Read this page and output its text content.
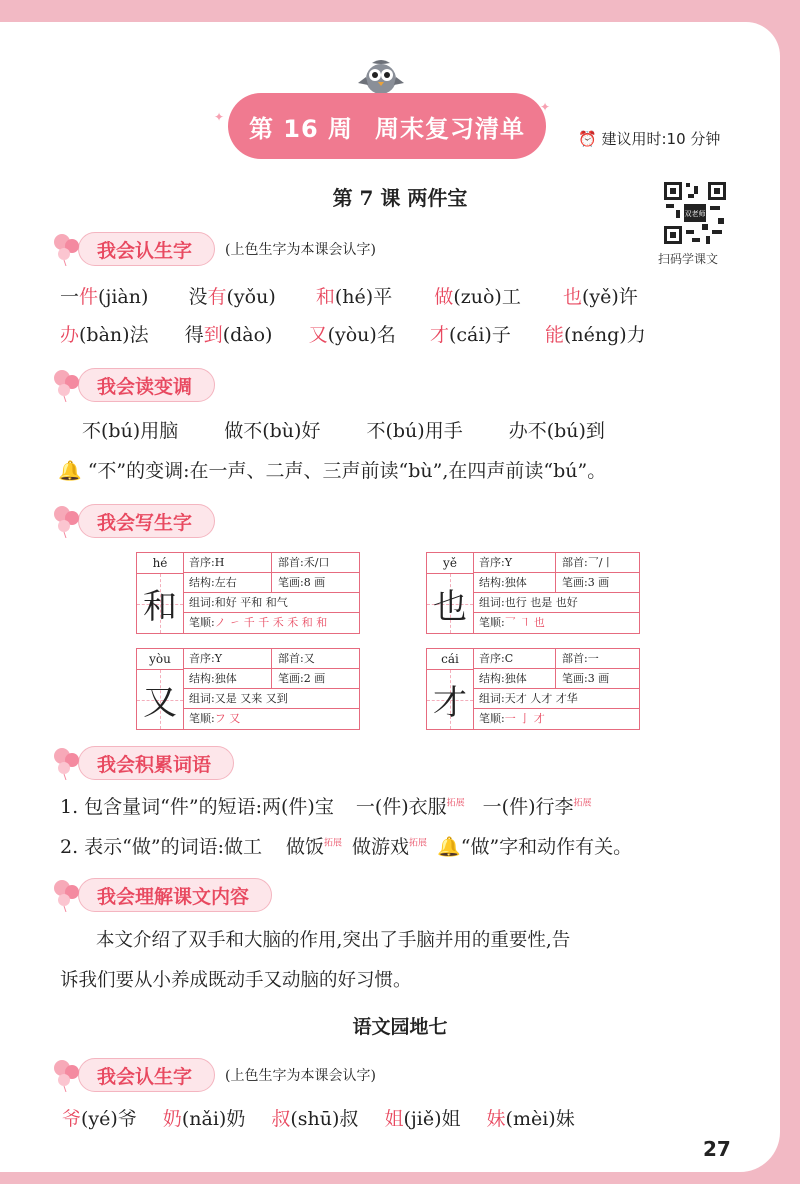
✦
✦
第 16 周 周末复习清单	⏰ 建议用时:10 分钟
第 7 课 两件宝
双老师
扫码学课文
我会认生字	(上色生字为本课会认字)
一件(jiàn) 没有(yǒu) 和(hé)平 做(zuò)工 也(yě)许
办(bàn)法 得到(dào) 又(yòu)名 才(cái)子 能(néng)力
我会读变调
不(bú)用脑 做不(bù)好 不(bú)用手 办不(bú)到
🔔 “不”的变调:在一声、二声、三声前读“bù”,在四声前读“bú”。
我会写生字
hé
和
音序:H	部首:禾/口
结构:左右	笔画:8 画
组词:和好 平和 和气
笔顺:ノ ㇀ 千 千 禾 禾 和 和
yě
也
音序:Y	部首:乛/丨
结构:独体	笔画:3 画
组词:也行 也是 也好
笔顺:乛 ㇕ 也
yòu
又
音序:Y	部首:又
结构:独体	笔画:2 画
组词:又是 又来 又到
笔顺:フ 又
cái
才
音序:C	部首:一
结构:独体	笔画:3 画
组词:天才 人才 才华
笔顺:一 亅 才
我会积累词语
1. 包含量词“件”的短语:两(件)宝 一(件)衣服$^{拓展}$ 一(件)行李$^{拓展}$
2. 表示“做”的词语:做工 做饭$^{拓展}$ 做游戏$^{拓展}$ 🔔“做”字和动作有关。
我会理解课文内容
本文介绍了双手和大脑的作用,突出了手脑并用的重要性,告
诉我们要从小养成既动手又动脑的好习惯。
语文园地七
我会认生字	(上色生字为本课会认字)
爷(yé)爷 奶(nǎi)奶 叔(shū)叔 姐(jiě)姐 妹(mèi)妹
27
